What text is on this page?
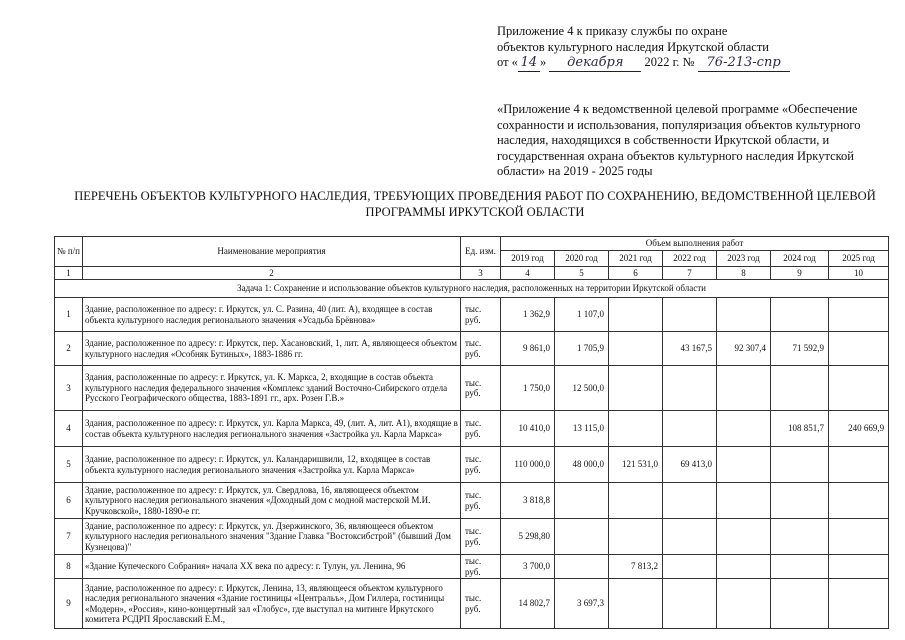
Приложение 4 к приказу службы по охране
объектов культурного наследия Иркутской области
от « 14 » декабря 2022 г. № 76-213-спр
«Приложение 4 к ведомственной целевой программе «Обеспечение сохранности и использования, популяризация объектов культурного наследия, находящихся в собственности Иркутской области, и государственная охрана объектов культурного наследия Иркутской области» на 2019 - 2025 годы
ПЕРЕЧЕНЬ ОБЪЕКТОВ КУЛЬТУРНОГО НАСЛЕДИЯ, ТРЕБУЮЩИХ ПРОВЕДЕНИЯ РАБОТ ПО СОХРАНЕНИЮ, ВЕДОМСТВЕННОЙ ЦЕЛЕВОЙ ПРОГРАММЫ ИРКУТСКОЙ ОБЛАСТИ
№ п/п	Наименование мероприятия	Ед. изм.	Объем выполнения работ						
			2019 год	2020 год	2021 год	2022 год	2023 год	2024 год	2025 год
1	2	3	4	5	6	7	8	9	10
Задача 1: Сохранение и использование объектов культурного наследия, расположенных на территории Иркутской области									
1	Здание, расположенное по адресу: г. Иркутск, ул. С. Разина, 40 (лит. А), входящее в состав объекта культурного наследия регионального значения «Усадьба Брёвнова»	тыс. руб.	1 362,9	1 107,0					
2	Здание, расположенное по адресу: г. Иркутск, пер. Хасановский, 1, лит. А, являющееся объектом культурного наследия «Особняк Бутиных», 1883-1886 гг.	тыс. руб.	9 861,0	1 705,9		43 167,5	92 307,4	71 592,9	
3	Здания, расположенные по адресу: г. Иркутск, ул. К. Маркса, 2, входящие в состав объекта культурного наследия федерального значения «Комплекс зданий Восточно-Сибирского отдела Русского Географического общества, 1883-1891 гг., арх. Розен Г.В.»	тыс. руб.	1 750,0	12 500,0					
4	Здания, расположенное по адресу: г. Иркутск, ул. Карла Маркса, 49, (лит. А, лит. А1), входящие в состав объекта культурного наследия регионального значения «Застройка ул. Карла Маркса»	тыс. руб.	10 410,0	13 115,0				108 851,7	240 669,9
5	Здание, расположенное по адресу: г. Иркутск, ул. Каландаришвили, 12, входящее в состав объекта культурного наследия регионального значения «Застройка ул. Карла Маркса»	тыс. руб.	110 000,0	48 000,0	121 531,0	69 413,0			
6	Здание, расположенное по адресу: г. Иркутск, ул. Свердлова, 16, являющееся объектом культурного наследия регионального значения «Доходный дом с модной мастерской М.И. Кручковской», 1880-1890-е гг.	тыс. руб.	3 818,8						
7	Здание, расположенное по адресу: г. Иркутск, ул. Дзержинского, 36, являющееся объектом культурного наследия регионального значения "Здание Главка "Востоксибстрой" (бывший Дом Кузнецова)"	тыс. руб.	5 298,80						
8	«Здание Купеческого Собрания» начала XX века по адресу: г. Тулун, ул. Ленина, 96	тыс. руб.	3 700,0		7 813,2				
9	Здание, расположенное по адресу: г. Иркутск, Ленина, 13, являющееся объектом культурного наследия регионального значения «Здание гостиницы «Центральъ», Дом Гиллера, гостиницы «Модерн», «Россия», кино-концертный зал «Глобус», где выступал на митинге Иркутского комитета РСДРП Ярославский Е.М.,	тыс. руб.	14 802,7	3 697,3					
